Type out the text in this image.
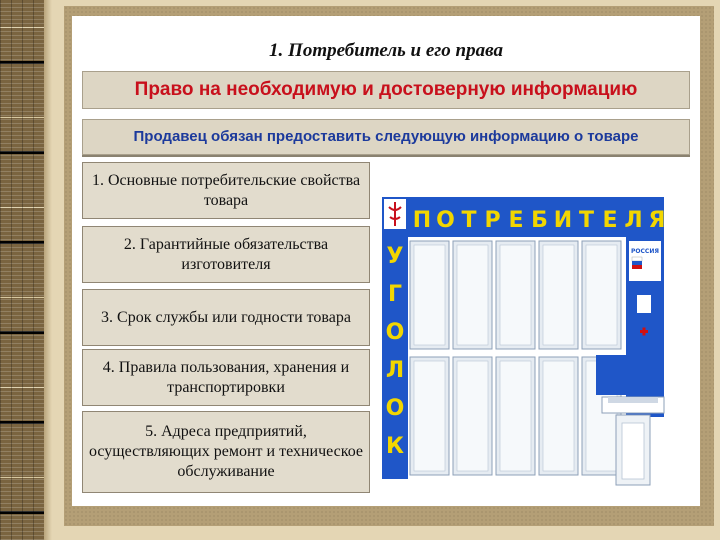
1. Потребитель и его права
Право на необходимую и достоверную информацию
Продавец обязан предоставить следующую информацию о товаре
1. Основные потребительские свойства товара
2. Гарантийные обязательства изготовителя
3. Срок службы или годности товара
4. Правила пользования, хранения и транспортировки
5. Адреса предприятий, осуществляющих ремонт и техническое обслуживание
П О Т Р Е Б И Т Е Л Я
У
Г
О
Л
О
К
РОССИЯ
